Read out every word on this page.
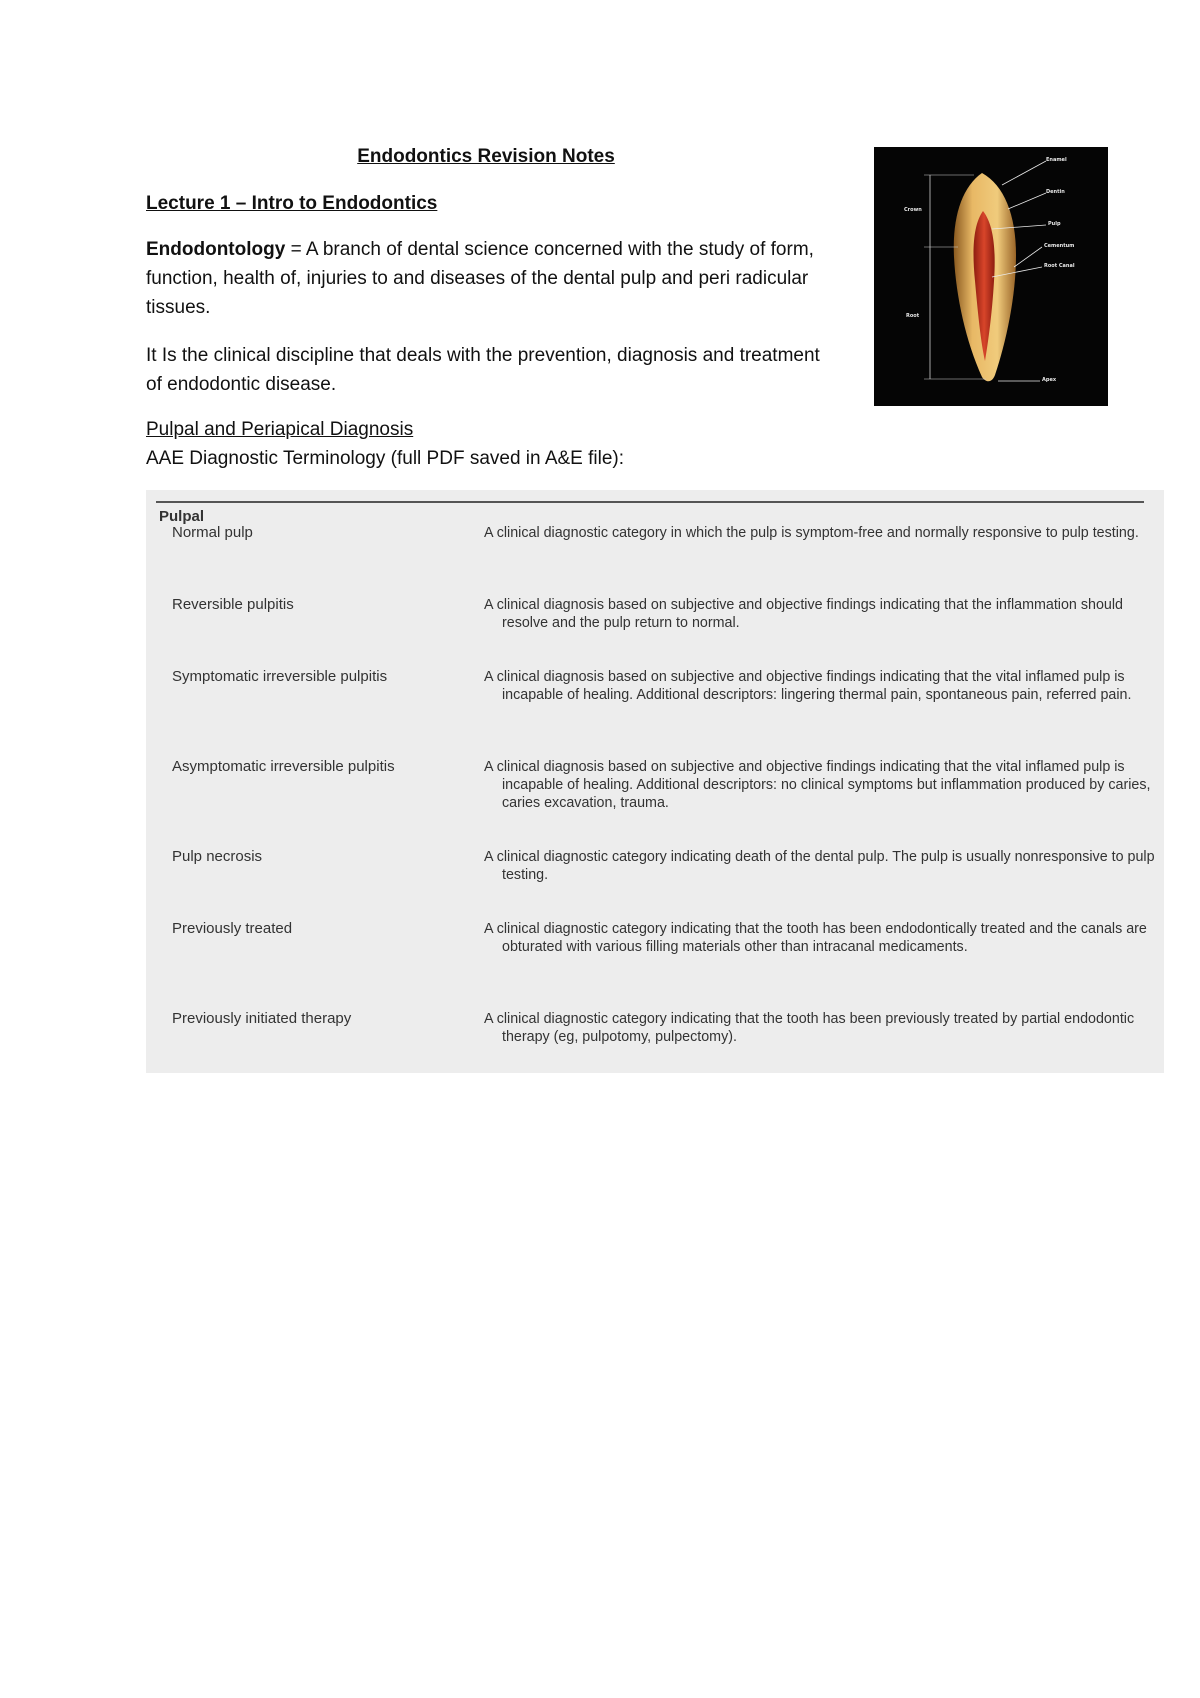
Endodontics Revision Notes
Lecture 1 – Intro to Endodontics
Endodontology = A branch of dental science concerned with the study of form, function, health of, injuries to and diseases of the dental pulp and peri radicular tissues.
It Is the clinical discipline that deals with the prevention, diagnosis and treatment of endodontic disease.
Pulpal and Periapical Diagnosis
AAE Diagnostic Terminology (full PDF saved in A&E file):
Enamel
Dentin
Pulp
Crown
Cementum
Root Canal
Root
Apex
Pulpal
Normal pulp	A clinical diagnostic category in which the pulp is symptom-free and normally responsive to pulp testing.
Reversible pulpitis	A clinical diagnosis based on subjective and objective findings indicating that the inflammation should resolve and the pulp return to normal.
Symptomatic irreversible pulpitis	A clinical diagnosis based on subjective and objective findings indicating that the vital inflamed pulp is incapable of healing. Additional descriptors: lingering thermal pain, spontaneous pain, referred pain.
Asymptomatic irreversible pulpitis	A clinical diagnosis based on subjective and objective findings indicating that the vital inflamed pulp is incapable of healing. Additional descriptors: no clinical symptoms but inflammation produced by caries, caries excavation, trauma.
Pulp necrosis	A clinical diagnostic category indicating death of the dental pulp. The pulp is usually nonresponsive to pulp testing.
Previously treated	A clinical diagnostic category indicating that the tooth has been endodontically treated and the canals are obturated with various filling materials other than intracanal medicaments.
Previously initiated therapy	A clinical diagnostic category indicating that the tooth has been previously treated by partial endodontic therapy (eg, pulpotomy, pulpectomy).
